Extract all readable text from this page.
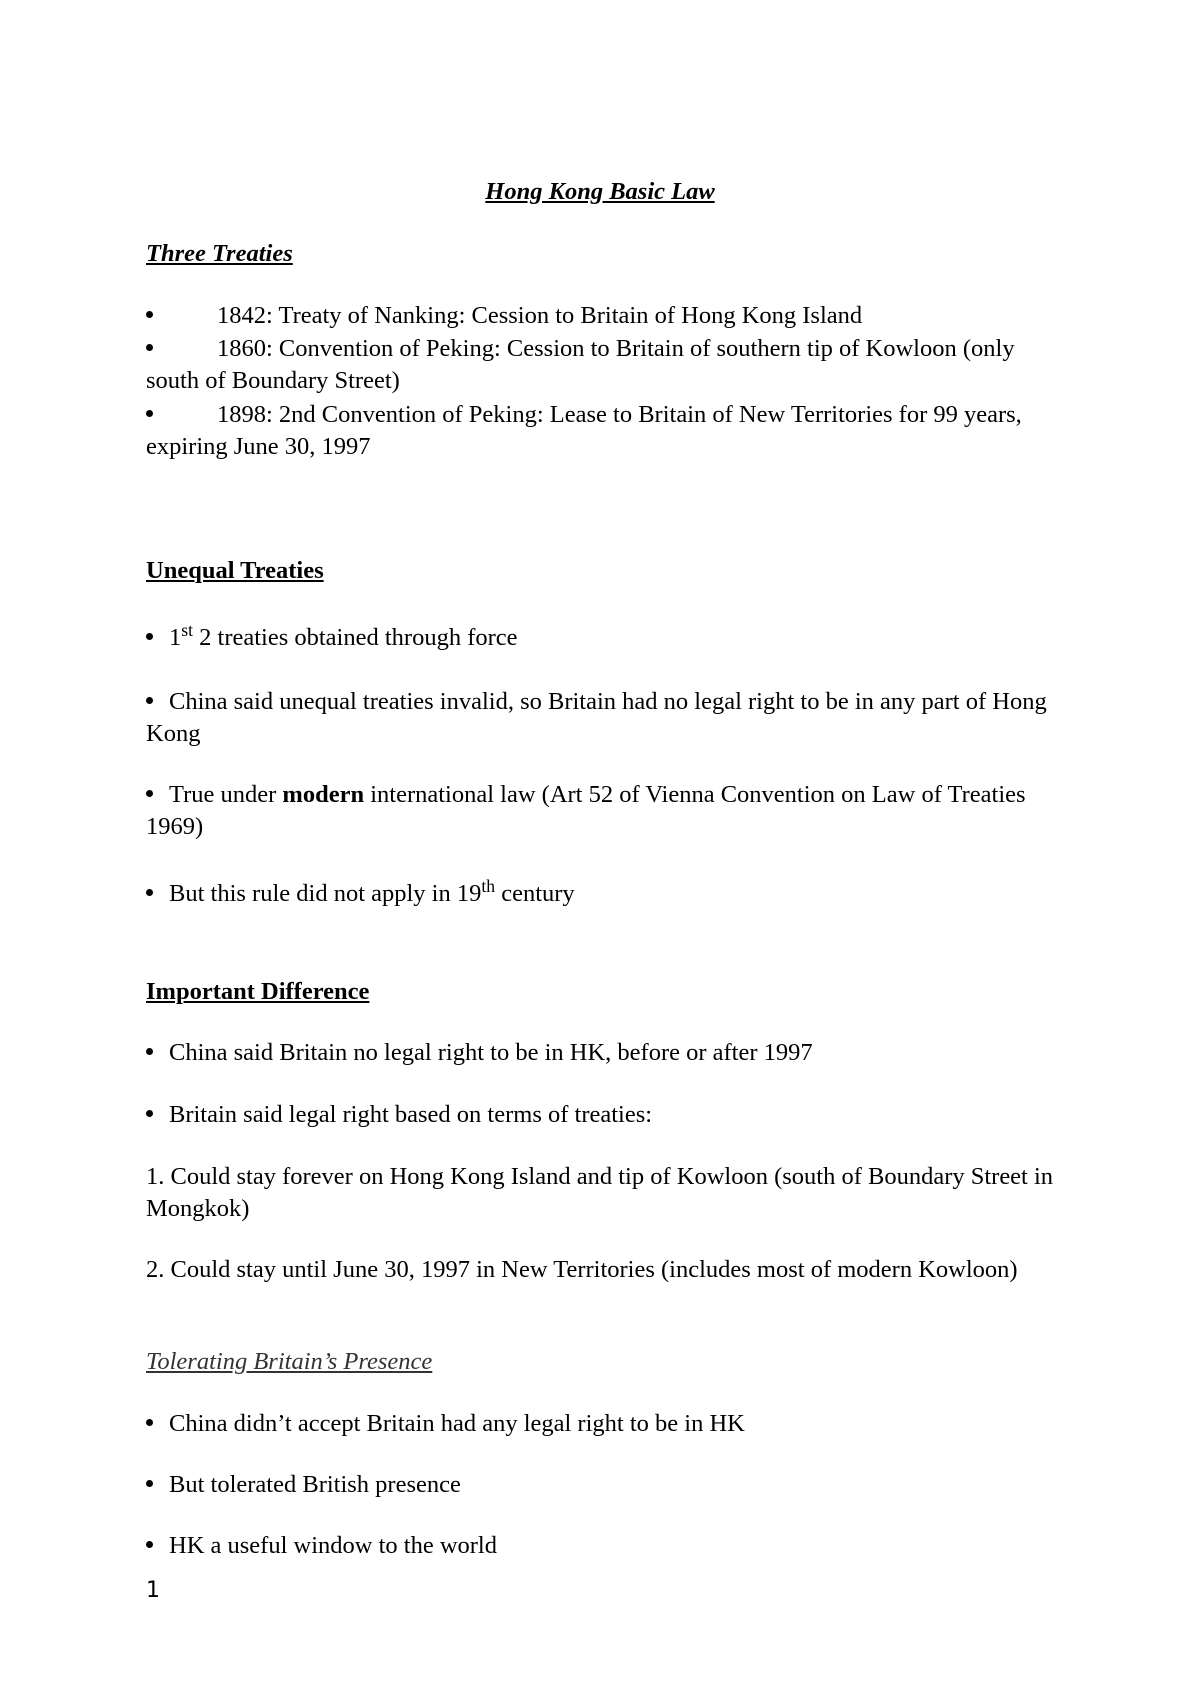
Hong Kong Basic Law
Three Treaties
1842: Treaty of Nanking: Cession to Britain of Hong Kong Island
1860: Convention of Peking: Cession to Britain of southern tip of Kowloon (only south of Boundary Street)
1898: 2nd Convention of Peking: Lease to Britain of New Territories for 99 years, expiring June 30, 1997
Unequal Treaties
1st 2 treaties obtained through force
China said unequal treaties invalid, so Britain had no legal right to be in any part of Hong Kong
True under modern international law (Art 52 of Vienna Convention on Law of Treaties 1969)
But this rule did not apply in 19th century
Important Difference
China said Britain no legal right to be in HK, before or after 1997
Britain said legal right based on terms of treaties:
1. Could stay forever on Hong Kong Island and tip of Kowloon (south of Boundary Street in Mongkok)
2. Could stay until June 30, 1997 in New Territories (includes most of modern Kowloon)
Tolerating Britain’s Presence
China didn’t accept Britain had any legal right to be in HK
But tolerated British presence
HK a useful window to the world
1
